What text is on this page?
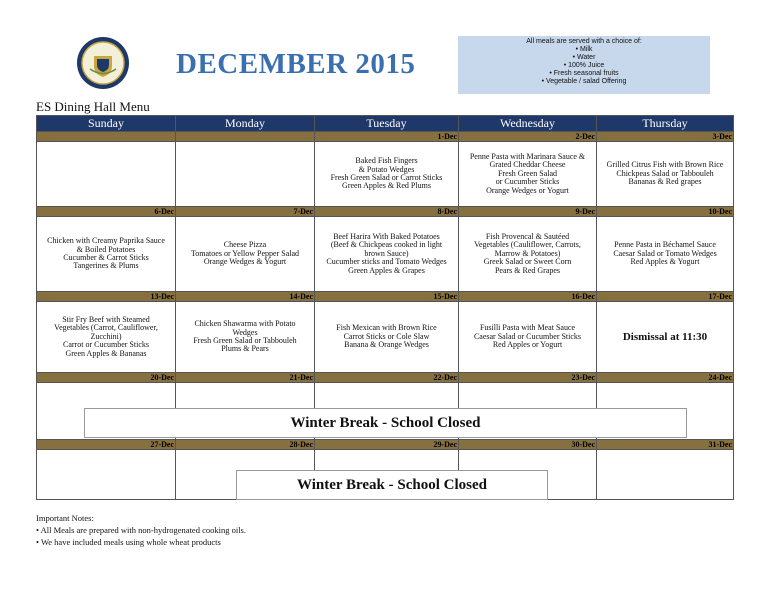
DECEMBER 2015
All meals are served with a choice of:
• Milk
• Water
• 100% Juice
• Fresh seasonal fruits
• Vegetable / salad Offering
ES Dining Hall Menu
Sunday	Monday	Tuesday	Wednesday	Thursday
		1-Dec	2-Dec	3-Dec

		Baked Fish Fingers
& Potato Wedges
Fresh Green Salad or Carrot Sticks
Green Apples & Red Plums	Penne Pasta with Marinara Sauce &
Grated Cheddar Cheese
Fresh Green Salad
or Cucumber Sticks
Orange Wedges or Yogurt	Grilled Citrus Fish with Brown Rice
Chickpeas Salad or Tabbouleh
Bananas & Red grapes

6-Dec	7-Dec	8-Dec	9-Dec	10-Dec

Chicken with Creamy Paprika Sauce
& Boiled Potatoes
Cucumber & Carrot Sticks
Tangerines & Plums	Cheese Pizza
Tomatoes or Yellow Pepper Salad
Orange Wedges & Yogurt	Beef Harira With Baked Potatoes
(Beef & Chickpeas cooked in light
brown Sauce)
Cucumber sticks and Tomato Wedges
Green Apples & Grapes	Fish Provencal & Sautéed
Vegetables (Cauliflower, Carrots,
Marrow & Potatoes)
Greek Salad or Sweet Corn
Pears & Red Grapes	Penne Pasta in Béchamel Sauce
Caesar Salad or Tomato Wedges
Red Apples & Yogurt

13-Dec	14-Dec	15-Dec	16-Dec	17-Dec

Stir Fry Beef with Steamed
Vegetables (Carrot, Cauliflower,
Zucchini)
Carrot or Cucumber Sticks
Green Apples & Bananas	Chicken Shawarma with Potato
Wedges
Fresh Green Salad or Tabbouleh
Plums & Pears	Fish Mexican with Brown Rice
Carrot Sticks or Cole Slaw
Banana & Orange Wedges	Fusilli Pasta with Meat Sauce
Caesar Salad or Cucumber Sticks
Red Apples or Yogurt	Dismissal at 11:30

20-Dec	21-Dec	22-Dec	23-Dec	24-Dec

27-Dec	28-Dec	29-Dec	30-Dec	31-Dec

Winter Break - School Closed
Winter Break - School Closed
Important Notes:
• All Meals are prepared with non-hydrogenated cooking oils.
• We have included meals using whole wheat products
